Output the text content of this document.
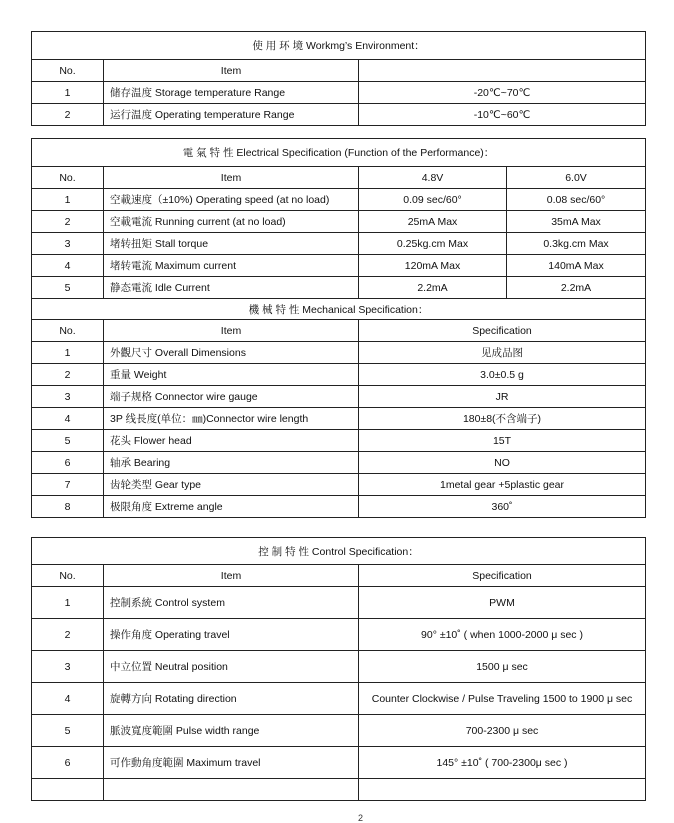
使 用 环 境 Workmg’s Environment：		
No.	Item	
1	储存温度 Storage temperature Range	-20℃~70℃
2	运行温度 Operating temperature Range	-10℃~60℃
電 氣 特 性 Electrical Specification (Function of the Performance)：			
No.	Item	4.8V	6.0V
1	空載速度（±10%) Operating speed (at no load)	0.09 sec/60°	0.08 sec/60°
2	空載電流 Running current (at no load)	25mA Max	35mA Max
3	堵转扭矩 Stall torque	0.25kg.cm Max	0.3kg.cm Max
4	堵转電流 Maximum current	120mA Max	140mA Max
5	静态電流 Idle Current	2.2mA	2.2mA
機 械 特 性 Mechanical Specification：			
No.	Item	Specification	
1	外觀尺寸 Overall Dimensions	见成品图	
2	重量 Weight	3.0±0.5 g	
3	端子规格 Connector wire gauge	JR	
4	3P 线長度(单位：㎜)Connector wire length	180±8(不含端子)	
5	花头 Flower head	15T	
6	轴承 Bearing	NO	
7	齿轮类型 Gear type	1metal gear +5plastic gear	
8	极限角度 Extreme angle	360˚	
控 制 特 性 Control Specification：		
No.	Item	Specification
1	控制系統 Control system	PWM
2	操作角度 Operating travel	90° ±10˚ ( when 1000-2000 μ sec )
3	中立位置 Neutral position	1500 μ sec
4	旋轉方向 Rotating direction	Counter Clockwise / Pulse Traveling 1500 to 1900 μ sec
5	脈波寬度範圍 Pulse width range	700-2300 μ sec
6	可作動角度範圍 Maximum travel	145° ±10˚ ( 700-2300μ sec )

2
